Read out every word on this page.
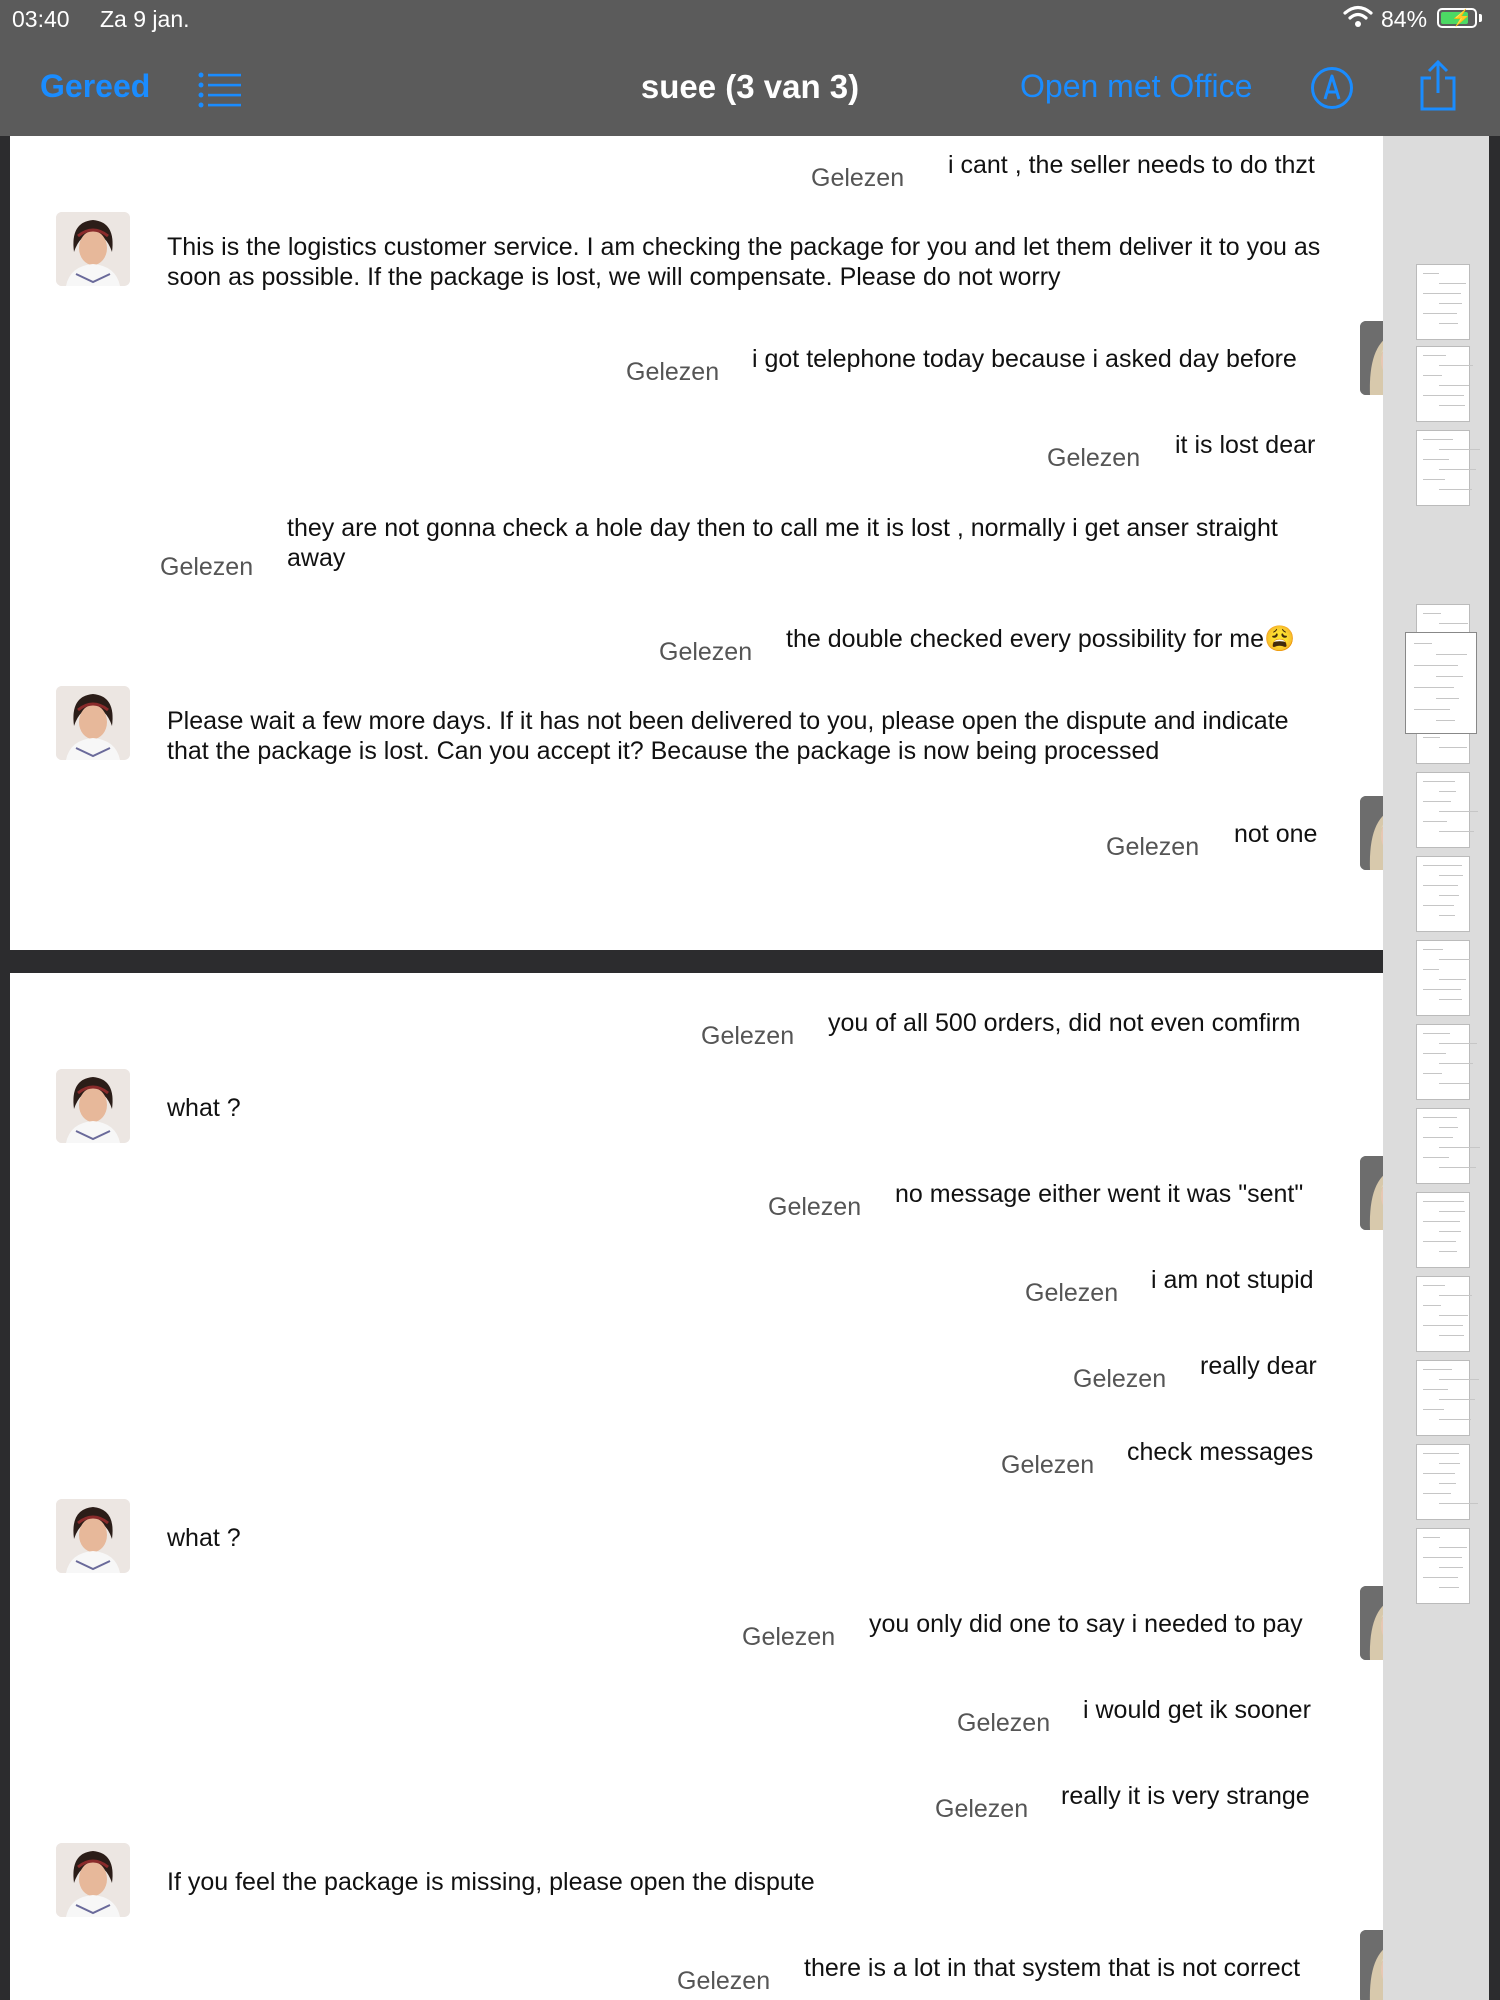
03:40 Za 9 jan.	84% ⚡
Gereed	suee (3 van 3)	Open met Office
i cant , the seller needs to do thzt
Gelezen
This is the logistics customer service. I am checking the package for you and let them deliver it to you as soon as possible. If the package is lost, we will compensate. Please do not worry
i got telephone today because i asked day before
Gelezen
it is lost dear
Gelezen
they are not gonna check a hole day then to call me it is lost , normally i get anser straight away
Gelezen
the double checked every possibility for me😩
Gelezen
Please wait a few more days. If it has not been delivered to you, please open the dispute and indicate that the package is lost. Can you accept it? Because the package is now being processed
not one
Gelezen
you of all 500 orders, did not even comfirm
Gelezen
what ?
no message either went it was "sent"
Gelezen
i am not stupid
Gelezen
really dear
Gelezen
check messages
Gelezen
what ?
you only did one to say i needed to pay
Gelezen
i would get ik sooner
Gelezen
really it is very strange
Gelezen
If you feel the package is missing, please open the dispute
there is a lot in that system that is not correct
Gelezen
